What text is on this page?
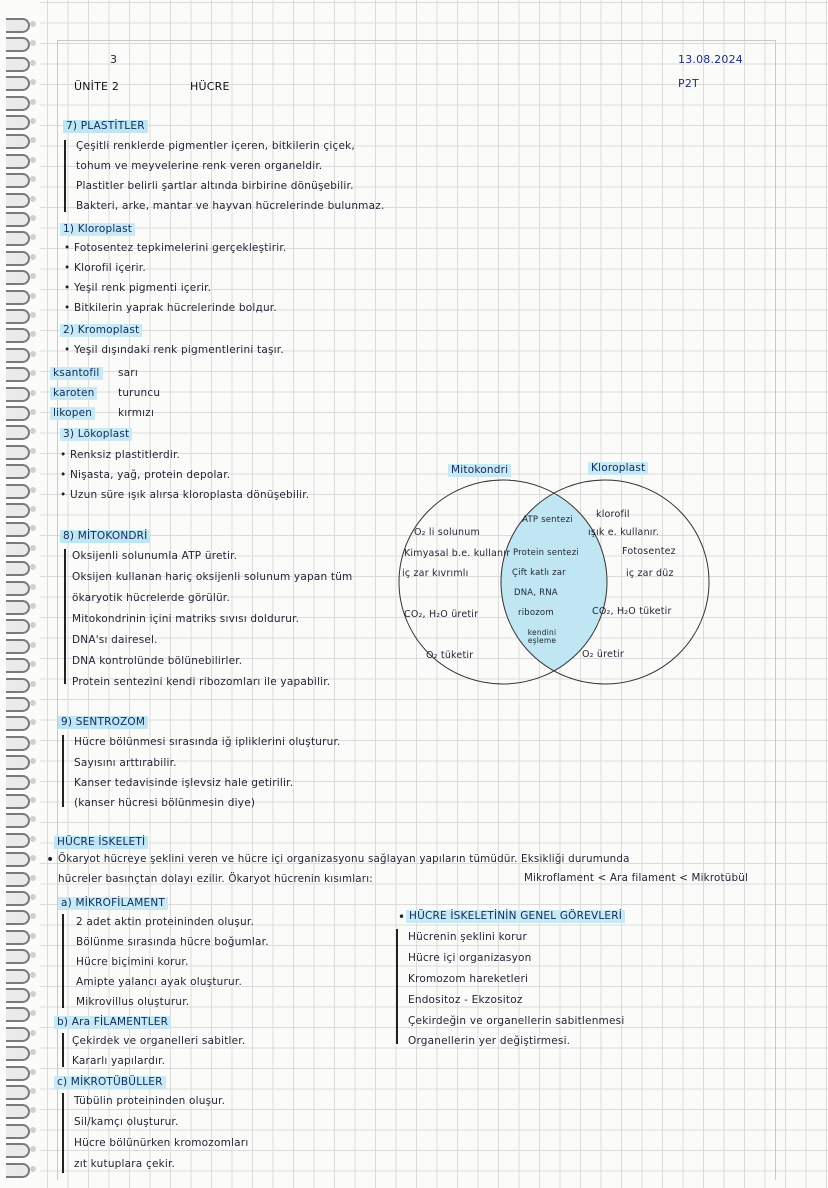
3
ÜNİTE 2	HÜCRE
13.08.2024
P2T
7) PLASTİTLER
Çeşitli renklerde pigmentler içeren, bitkilerin çiçek,
tohum ve meyvelerine renk veren organeldir.
Plastitler belirli şartlar altında birbirine dönüşebilir.
Bakteri, arke, mantar ve hayvan hücrelerinde bulunmaz.
1) Kloroplast
• Fotosentez tepkimelerini gerçekleştirir.
• Klorofil içerir.
• Yeşil renk pigmenti içerir.
• Bitkilerin yaprak hücrelerinde bolдur.
2) Kromoplast
• Yeşil dışındaki renk pigmentlerini taşır.
ksantofil sarı
karoten turuncu
likopen kırmızı
3) Lökoplast
• Renksiz plastitlerdir.
• Nişasta, yağ, protein depolar.
• Uzun süre ışık alırsa kloroplasta dönüşebilir.
8) MİTOKONDRİ
Oksijenli solunumla ATP üretir.
Oksijen kullanan hariç oksijenli solunum yapan tüm
ökaryotik hücrelerde görülür.
Mitokondrinin içini matriks sıvısı doldurur.
DNA'sı dairesel.
DNA kontrolünde bölünebilirler.
Protein sentezini kendi ribozomları ile yapabilir.
9) SENTROZOM
Hücre bölünmesi sırasında iğ ipliklerini oluşturur.
Sayısını arttırabilir.
Kanser tedavisinde işlevsiz hale getirilir.
(kanser hücresi bölünmesin diye)
Mitokondri	Kloroplast
O₂ li solunum
Kimyasal b.e. kullanır
iç zar kıvrımlı
CO₂, H₂O üretir
O₂ tüketir
ATP sentezi
Protein sentezi
Çift katlı zar
DNA, RNA
ribozom
kendini eşleme
klorofil
ışık e. kullanır.
Fotosentez
iç zar düz
CO₂, H₂O tüketir
O₂ üretir
HÜCRE İSKELETİ
• Ökaryot hücreye şeklini veren ve hücre içi organizasyonu sağlayan yapıların tümüdür. Eksikliği durumunda
hücreler basınçtan dolayı ezilir. Ökaryot hücrenin kısımları:	Mikroflament < Ara filament < Mikrotübül
a) MİKROFİLAMENT
2 adet aktin proteininden oluşur.
Bölünme sırasında hücre boğumlar.
Hücre biçimini korur.
Amipte yalancı ayak oluşturur.
Mikrovillus oluşturur.
b) Ara FİLAMENTLER
Çekirdek ve organelleri sabitler.
Kararlı yapılardır.
c) MİKROTÜBÜLLER
Tübülin proteininden oluşur.
Sil/kamçı oluşturur.
Hücre bölünürken kromozomları
zıt kutuplara çekir.
• HÜCRE İSKELETİNİN GENEL GÖREVLERİ
Hücrenin şeklini korur
Hücre içi organizasyon
Kromozom hareketleri
Endositoz - Ekzositoz
Çekirdeğin ve organellerin sabitlenmesi
Organellerin yer değiştirmesi.
